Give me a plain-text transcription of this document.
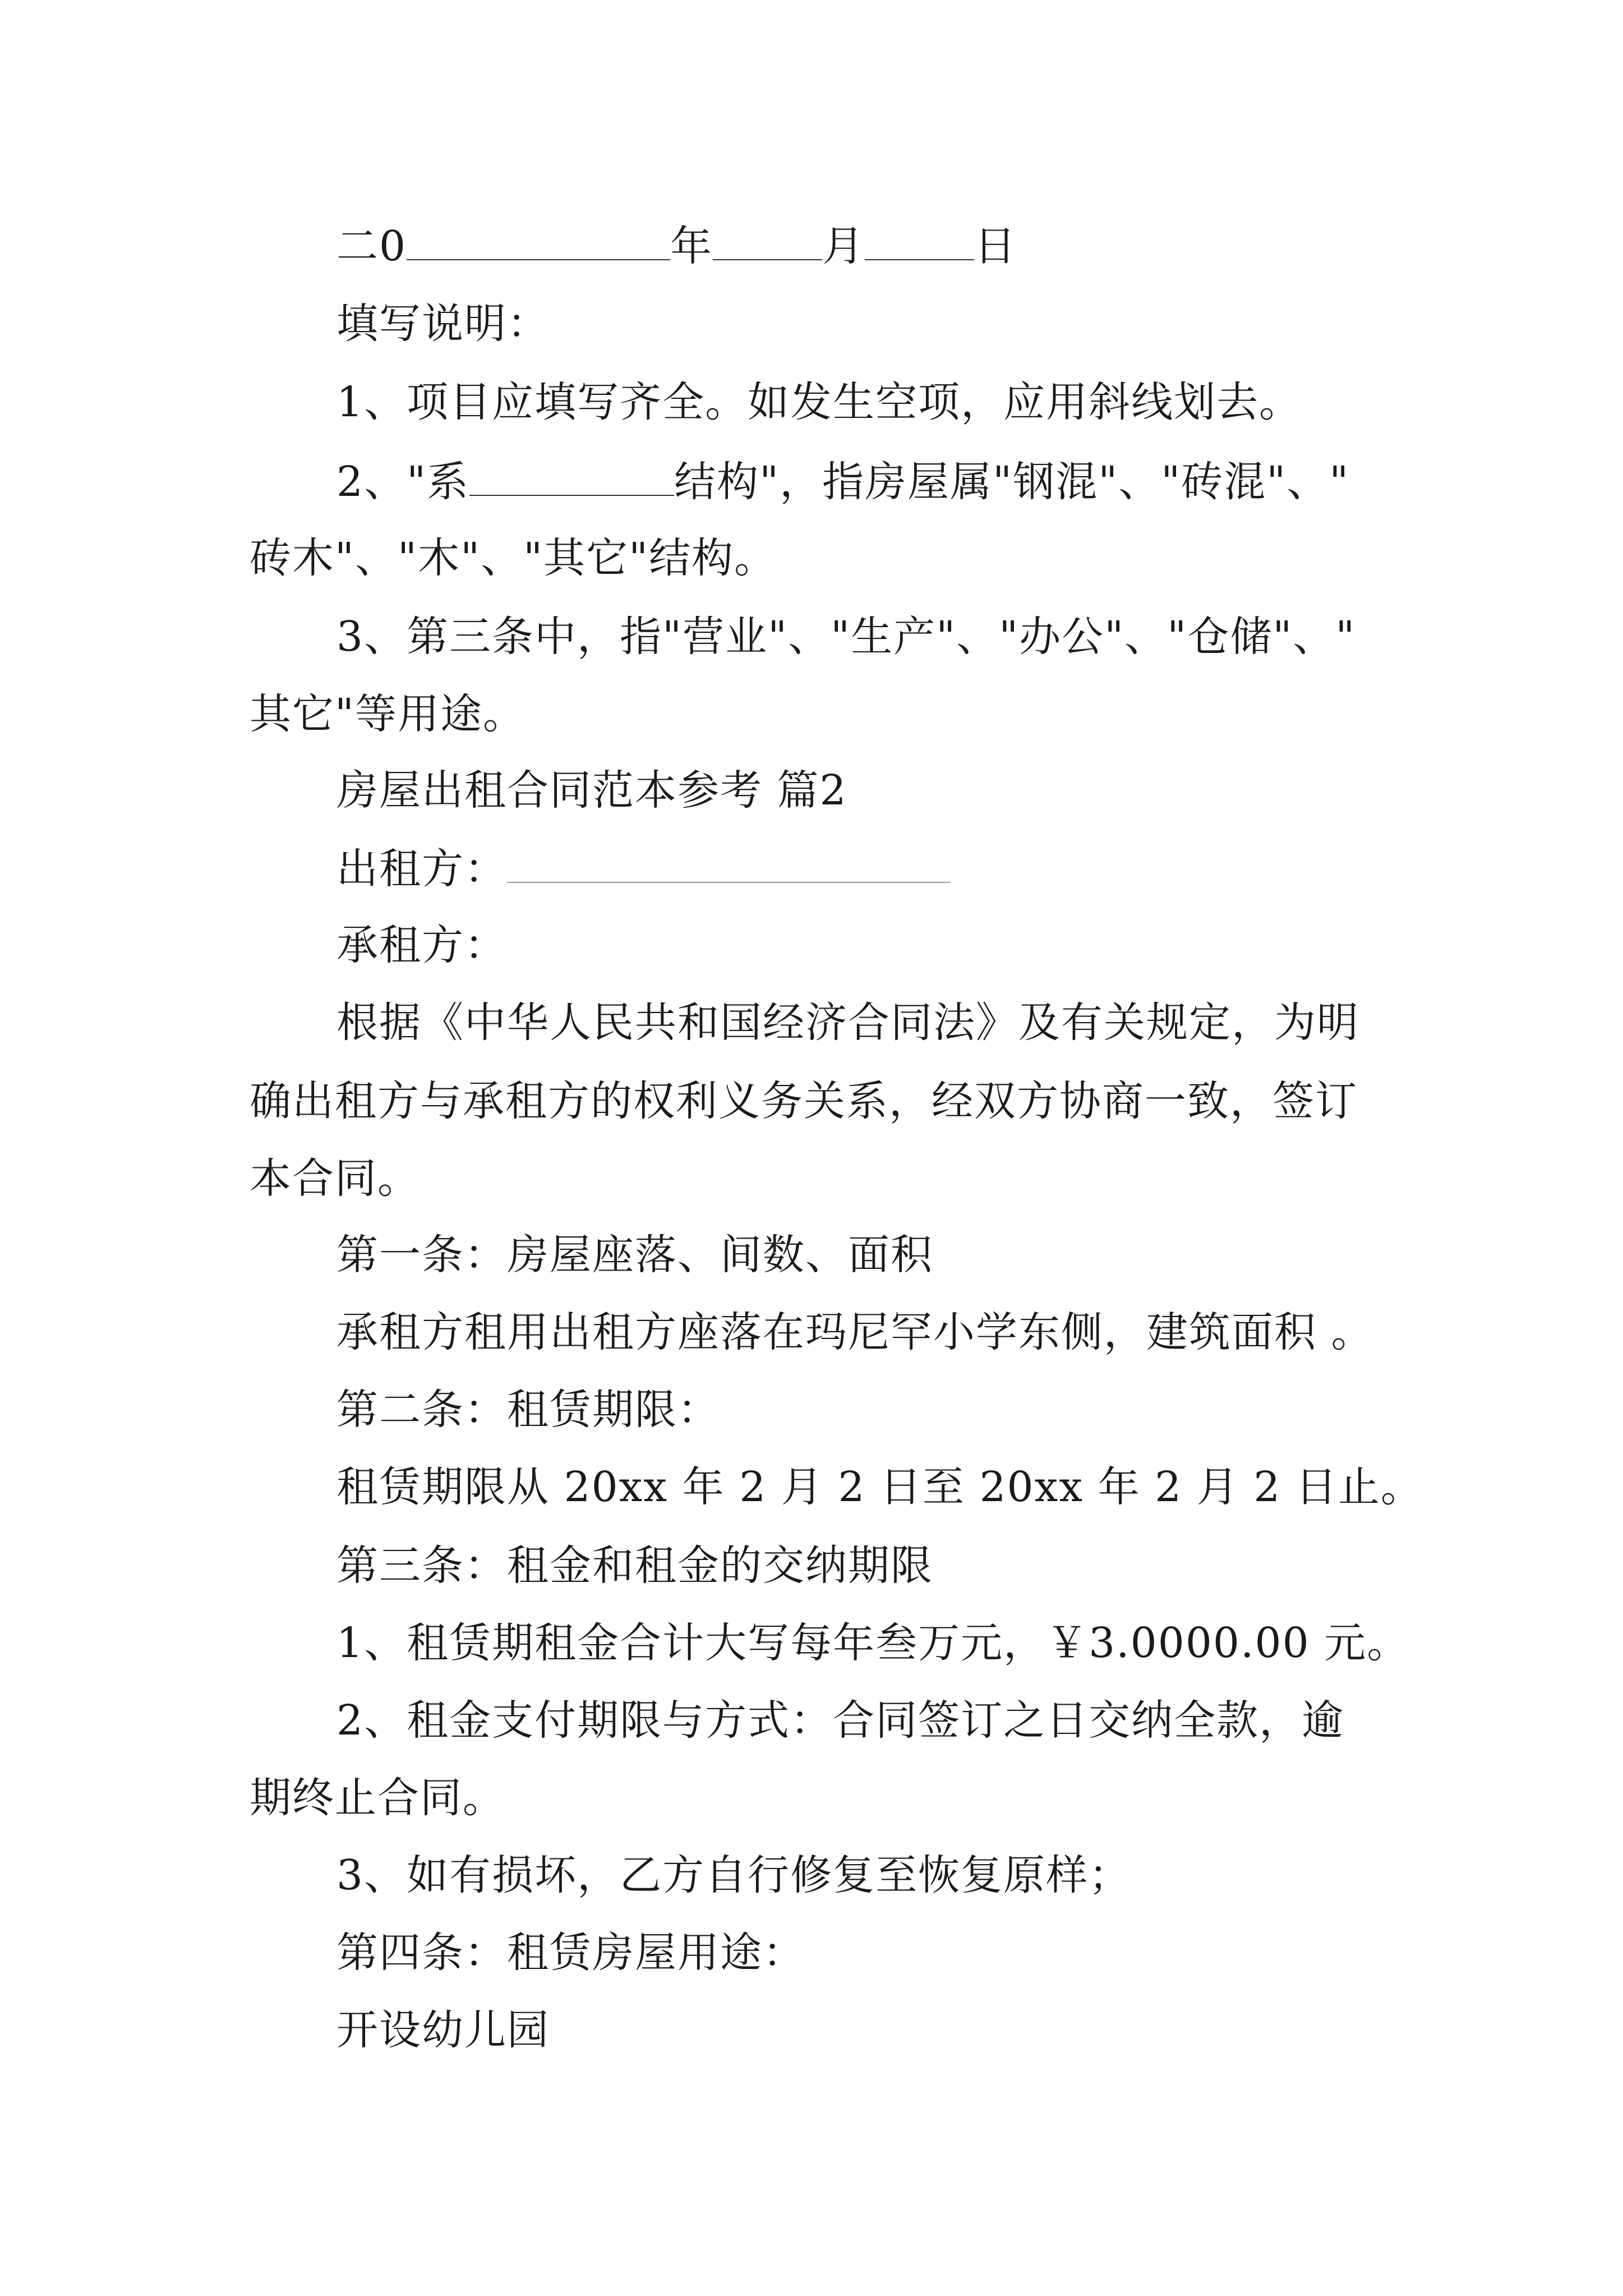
二0	年	月	日
填写说明：
1、项目应填写齐全。如发生空项，应用斜线划去。
2、"系	结构"，指房屋属"钢混"、"砖混"、"
砖木"、"木"、"其它"结构。
3、第三条中，指"营业"、"生产"、"办公"、"仓储"、"
其它"等用途。
房屋出租合同范本参考 篇2
出租方：
承租方：
根据《中华人民共和国经济合同法》及有关规定，为明
确出租方与承租方的权利义务关系，经双方协商一致，签订
本合同。
第一条：房屋座落、间数、面积
承租方租用出租方座落在玛尼罕小学东侧，建筑面积 。
第二条：租赁期限：
租赁期限从 20xx 年 2 月 2 日至 20xx 年 2 月 2 日止。
第三条：租金和租金的交纳期限
1、租赁期租金合计大写每年叁万元，￥3.0000.00 元。
2、租金支付期限与方式：合同签订之日交纳全款，逾
期终止合同。
3、如有损坏，乙方自行修复至恢复原样；
第四条：租赁房屋用途：
开设幼儿园
